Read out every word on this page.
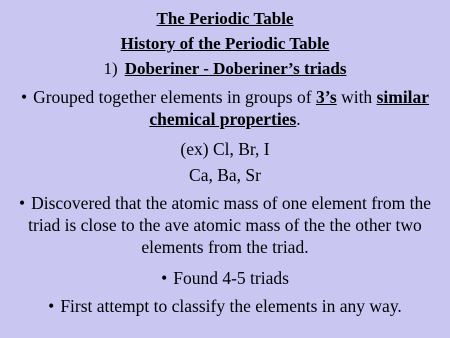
The Periodic Table

History of the Periodic Table

1) Doberiner - Doberiner’s triads

• Grouped together elements in groups of 3’s with similar chemical properties.

(ex) Cl, Br, I

Ca, Ba, Sr

• Discovered that the atomic mass of one element from the triad is close to the ave atomic mass of the the other two elements from the triad.

• Found 4-5 triads

• First attempt to classify the elements in any way.
